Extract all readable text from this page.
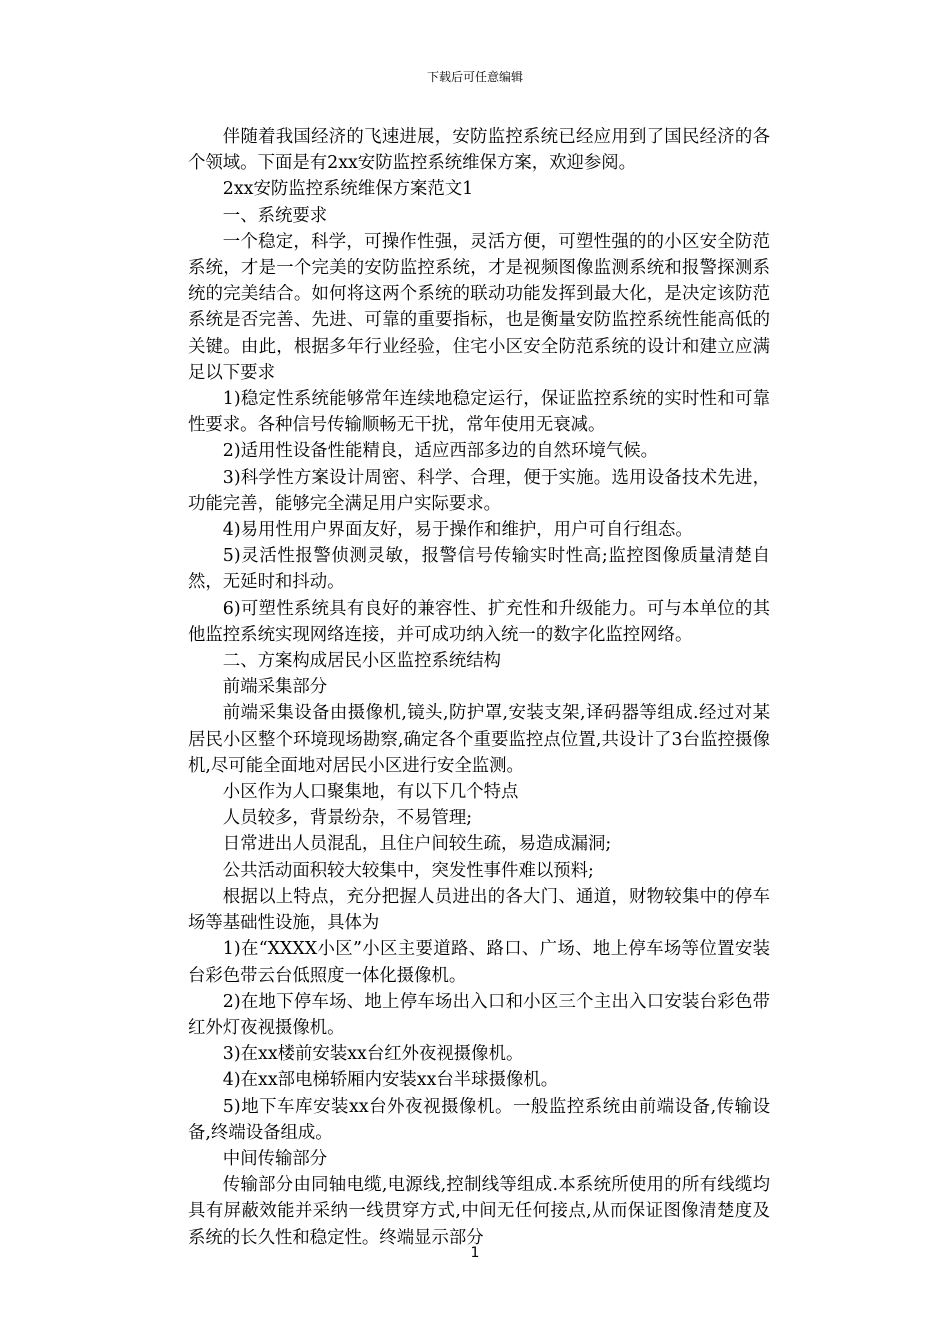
下载后可任意编辑

伴随着我国经济的飞速进展，安防监控系统已经应用到了国民经济的各个领域。下面是有2xx安防监控系统维保方案，欢迎参阅。

2xx安防监控系统维保方案范文1

一、系统要求

一个稳定，科学，可操作性强，灵活方便，可塑性强的的小区安全防范系统，才是一个完美的安防监控系统，才是视频图像监测系统和报警探测系统的完美结合。如何将这两个系统的联动功能发挥到最大化，是决定该防范系统是否完善、先进、可靠的重要指标，也是衡量安防监控系统性能高低的关键。由此，根据多年行业经验，住宅小区安全防范系统的设计和建立应满足以下要求

1)稳定性系统能够常年连续地稳定运行，保证监控系统的实时性和可靠性要求。各种信号传输顺畅无干扰，常年使用无衰减。

2)适用性设备性能精良，适应西部多边的自然环境气候。

3)科学性方案设计周密、科学、合理，便于实施。选用设备技术先进，功能完善，能够完全满足用户实际要求。

4)易用性用户界面友好，易于操作和维护，用户可自行组态。

5)灵活性报警侦测灵敏，报警信号传输实时性高;监控图像质量清楚自然，无延时和抖动。

6)可塑性系统具有良好的兼容性、扩充性和升级能力。可与本单位的其他监控系统实现网络连接，并可成功纳入统一的数字化监控网络。

二、方案构成居民小区监控系统结构

前端采集部分

前端采集设备由摄像机,镜头,防护罩,安装支架,译码器等组成.经过对某居民小区整个环境现场勘察,确定各个重要监控点位置,共设计了3台监控摄像机,尽可能全面地对居民小区进行安全监测。

小区作为人口聚集地，有以下几个特点

人员较多，背景纷杂，不易管理;

日常进出人员混乱，且住户间较生疏，易造成漏洞;

公共活动面积较大较集中，突发性事件难以预料;

根据以上特点，充分把握人员进出的各大门、通道，财物较集中的停车场等基础性设施，具体为

1)在“XXXX小区”小区主要道路、路口、广场、地上停车场等位置安装台彩色带云台低照度一体化摄像机。

2)在地下停车场、地上停车场出入口和小区三个主出入口安装台彩色带红外灯夜视摄像机。

3)在xx楼前安装xx台红外夜视摄像机。

4)在xx部电梯轿厢内安装xx台半球摄像机。

5)地下车库安装xx台外夜视摄像机。一般监控系统由前端设备,传输设备,终端设备组成。

中间传输部分

传输部分由同轴电缆,电源线,控制线等组成.本系统所使用的所有线缆均具有屏蔽效能并采纳一线贯穿方式,中间无任何接点,从而保证图像清楚度及系统的长久性和稳定性。终端显示部分

1
